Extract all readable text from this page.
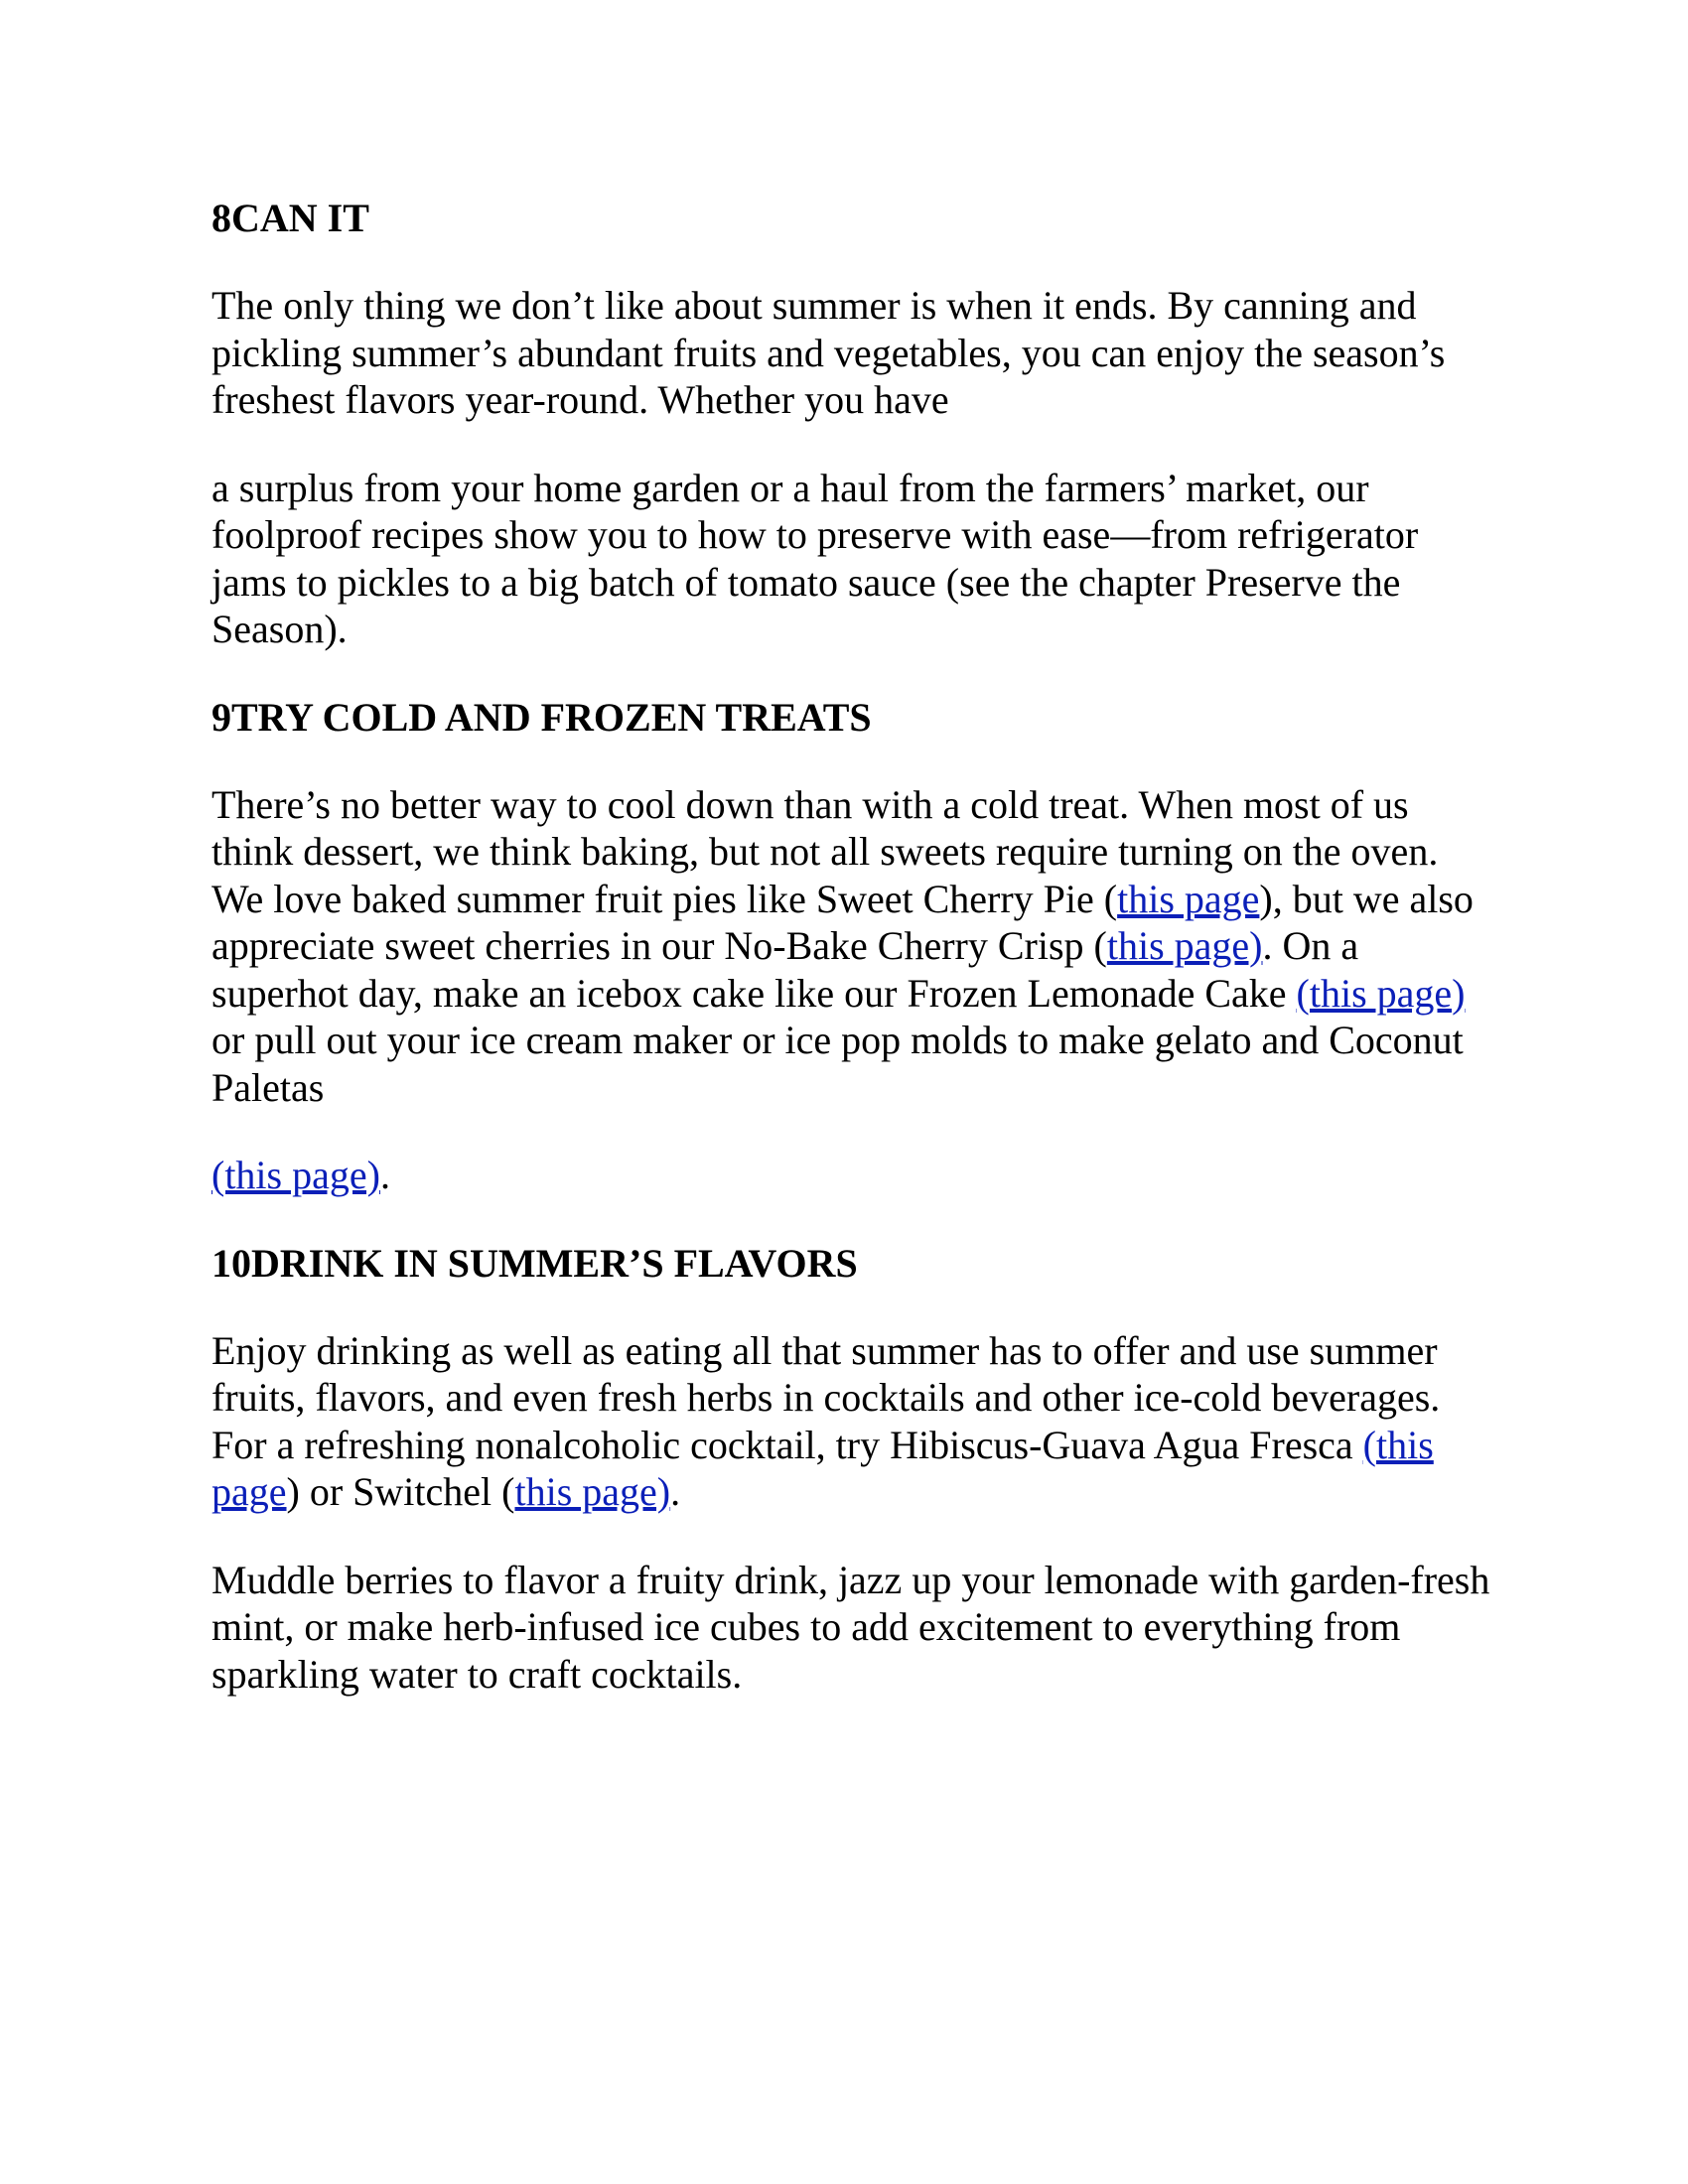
8CAN IT

The only thing we don’t like about summer is when it ends. By canning and pickling summer’s abundant fruits and vegetables, you can enjoy the season’s freshest flavors year-round. Whether you have

a surplus from your home garden or a haul from the farmers’ market, our foolproof recipes show you to how to preserve with ease—from refrigerator jams to pickles to a big batch of tomato sauce (see the chapter Preserve the Season).

9TRY COLD AND FROZEN TREATS

There’s no better way to cool down than with a cold treat. When most of us think dessert, we think baking, but not all sweets require turning on the oven. We love baked summer fruit pies like Sweet Cherry Pie (this page), but we also appreciate sweet cherries in our No-Bake Cherry Crisp (this page). On a superhot day, make an icebox cake like our Frozen Lemonade Cake (this page) or pull out your ice cream maker or ice pop molds to make gelato and Coconut Paletas

(this page).

10DRINK IN SUMMER’S FLAVORS

Enjoy drinking as well as eating all that summer has to offer and use summer fruits, flavors, and even fresh herbs in cocktails and other ice-cold beverages. For a refreshing nonalcoholic cocktail, try Hibiscus-Guava Agua Fresca (this page) or Switchel (this page).

Muddle berries to flavor a fruity drink, jazz up your lemonade with garden-fresh mint, or make herb-infused ice cubes to add excitement to everything from sparkling water to craft cocktails.
